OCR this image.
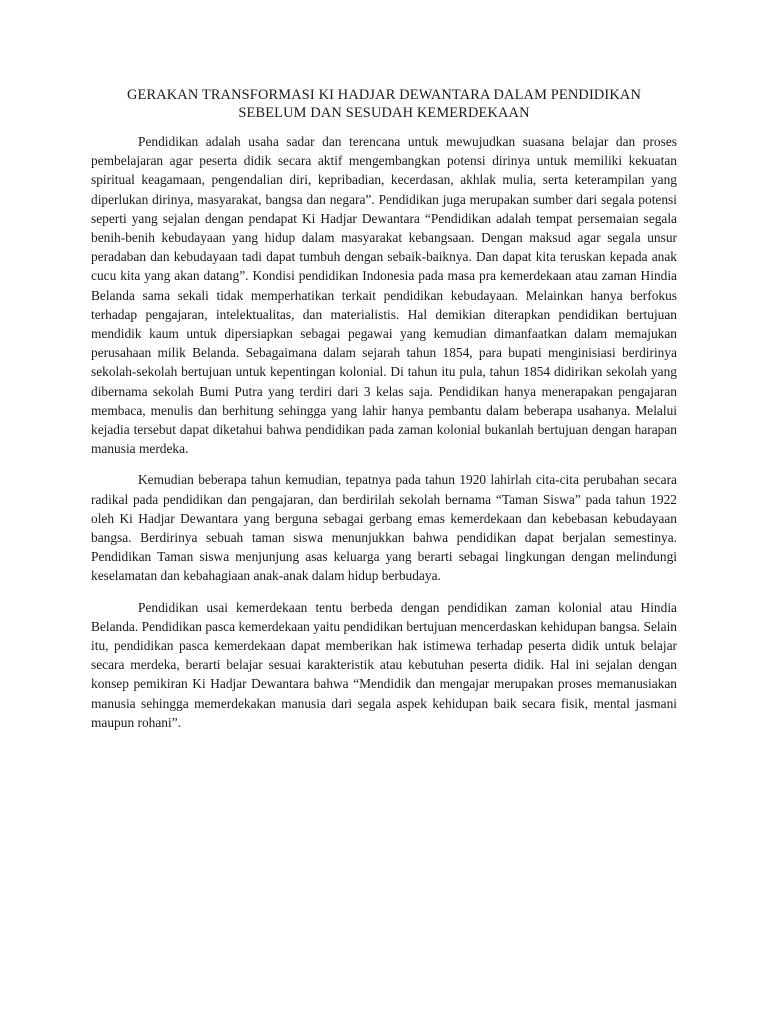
GERAKAN TRANSFORMASI KI HADJAR DEWANTARA DALAM PENDIDIKAN
SEBELUM DAN SESUDAH KEMERDEKAAN

Pendidikan adalah usaha sadar dan terencana untuk mewujudkan suasana belajar dan proses pembelajaran agar peserta didik secara aktif mengembangkan potensi dirinya untuk memiliki kekuatan spiritual keagamaan, pengendalian diri, kepribadian, kecerdasan, akhlak mulia, serta keterampilan yang diperlukan dirinya, masyarakat, bangsa dan negara”. Pendidikan juga merupakan sumber dari segala potensi seperti yang sejalan dengan pendapat Ki Hadjar Dewantara “Pendidikan adalah tempat persemaian segala benih-benih kebudayaan yang hidup dalam masyarakat kebangsaan. Dengan maksud agar segala unsur peradaban dan kebudayaan tadi dapat tumbuh dengan sebaik-baiknya. Dan dapat kita teruskan kepada anak cucu kita yang akan datang”. Kondisi pendidikan Indonesia pada masa pra kemerdekaan atau zaman Hindia Belanda sama sekali tidak memperhatikan terkait pendidikan kebudayaan. Melainkan hanya berfokus terhadap pengajaran, intelektualitas, dan materialistis. Hal demikian diterapkan pendidikan bertujuan mendidik kaum untuk dipersiapkan sebagai pegawai yang kemudian dimanfaatkan dalam memajukan perusahaan milik Belanda. Sebagaimana dalam sejarah tahun 1854, para bupati menginisiasi berdirinya sekolah-sekolah bertujuan untuk kepentingan kolonial. Di tahun itu pula, tahun 1854 didirikan sekolah yang dibernama sekolah Bumi Putra yang terdiri dari 3 kelas saja. Pendidikan hanya menerapakan pengajaran membaca, menulis dan berhitung sehingga yang lahir hanya pembantu dalam beberapa usahanya. Melalui kejadia tersebut dapat diketahui bahwa pendidikan pada zaman kolonial bukanlah bertujuan dengan harapan manusia merdeka.

Kemudian beberapa tahun kemudian, tepatnya pada tahun 1920 lahirlah cita-cita perubahan secara radikal pada pendidikan dan pengajaran, dan berdirilah sekolah bernama “Taman Siswa” pada tahun 1922 oleh Ki Hadjar Dewantara yang berguna sebagai gerbang emas kemerdekaan dan kebebasan kebudayaan bangsa. Berdirinya sebuah taman siswa menunjukkan bahwa pendidikan dapat berjalan semestinya. Pendidikan Taman siswa menjunjung asas keluarga yang berarti sebagai lingkungan dengan melindungi keselamatan dan kebahagiaan anak-anak dalam hidup berbudaya.

Pendidikan usai kemerdekaan tentu berbeda dengan pendidikan zaman kolonial atau Hindia Belanda. Pendidikan pasca kemerdekaan yaitu pendidikan bertujuan mencerdaskan kehidupan bangsa. Selain itu, pendidikan pasca kemerdekaan dapat memberikan hak istimewa terhadap peserta didik untuk belajar secara merdeka, berarti belajar sesuai karakteristik atau kebutuhan peserta didik. Hal ini sejalan dengan konsep pemikiran Ki Hadjar Dewantara bahwa “Mendidik dan mengajar merupakan proses memanusiakan manusia sehingga memerdekakan manusia dari segala aspek kehidupan baik secara fisik, mental jasmani maupun rohani”.
